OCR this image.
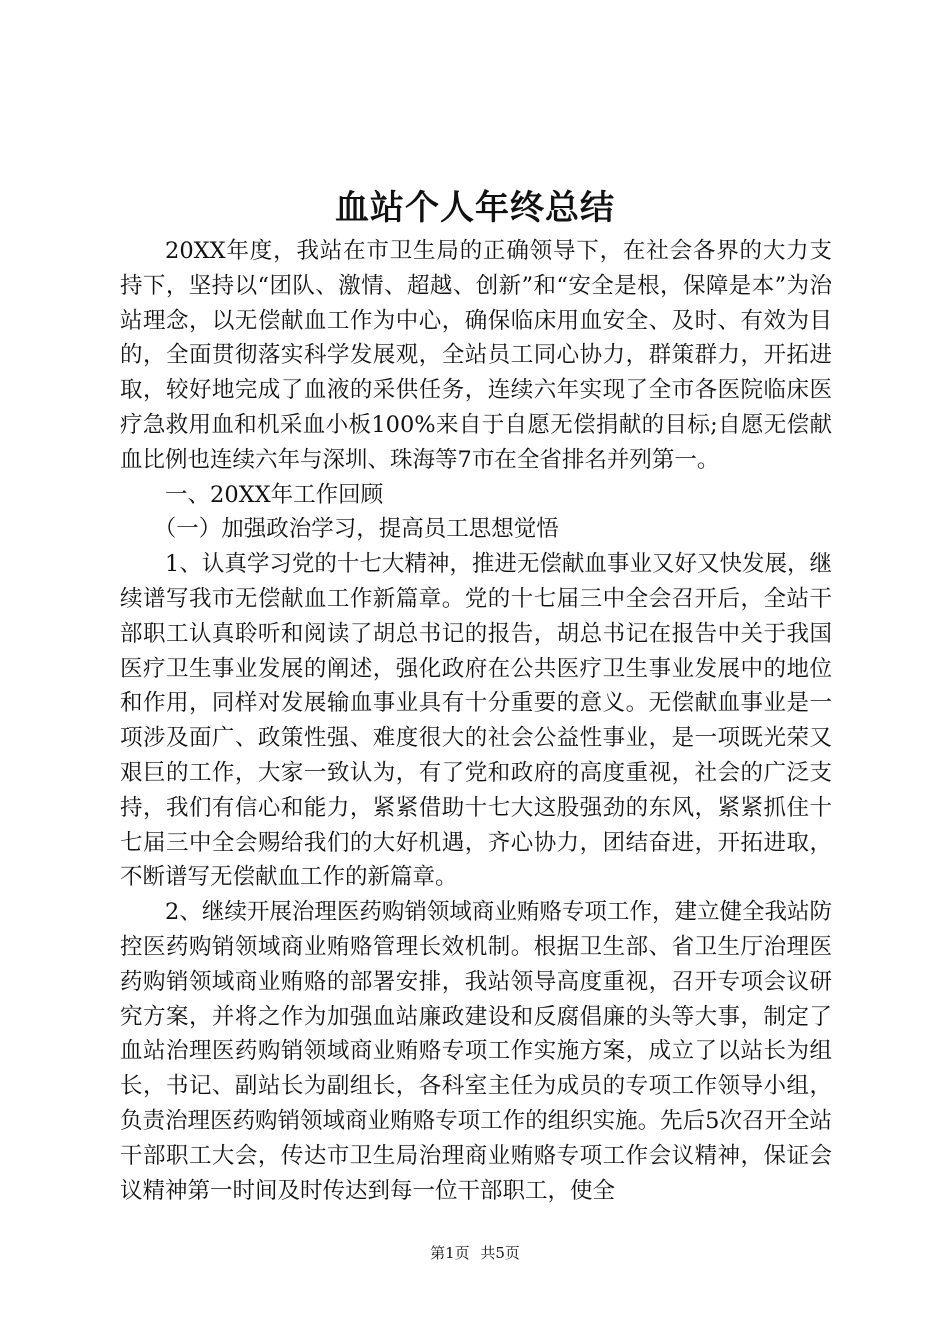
血站个人年终总结

20XX年度，我站在市卫生局的正确领导下，在社会各界的大力支持下，坚持以“团队、激情、超越、创新”和“安全是根，保障是本”为治站理念，以无偿献血工作为中心，确保临床用血安全、及时、有效为目的，全面贯彻落实科学发展观，全站员工同心协力，群策群力，开拓进取，较好地完成了血液的采供任务，连续六年实现了全市各医院临床医疗急救用血和机采血小板100%来自于自愿无偿捐献的目标;自愿无偿献血比例也连续六年与深圳、珠海等7市在全省排名并列第一。

一、20XX年工作回顾

（一）加强政治学习，提高员工思想觉悟

1、认真学习党的十七大精神，推进无偿献血事业又好又快发展，继续谱写我市无偿献血工作新篇章。党的十七届三中全会召开后，全站干部职工认真聆听和阅读了胡总书记的报告，胡总书记在报告中关于我国医疗卫生事业发展的阐述，强化政府在公共医疗卫生事业发展中的地位和作用，同样对发展输血事业具有十分重要的意义。无偿献血事业是一项涉及面广、政策性强、难度很大的社会公益性事业，是一项既光荣又艰巨的工作，大家一致认为，有了党和政府的高度重视，社会的广泛支持，我们有信心和能力，紧紧借助十七大这股强劲的东风，紧紧抓住十七届三中全会赐给我们的大好机遇，齐心协力，团结奋进，开拓进取，不断谱写无偿献血工作的新篇章。

2、继续开展治理医药购销领域商业贿赂专项工作，建立健全我站防控医药购销领域商业贿赂管理长效机制。根据卫生部、省卫生厅治理医药购销领域商业贿赂的部署安排，我站领导高度重视，召开专项会议研究方案，并将之作为加强血站廉政建设和反腐倡廉的头等大事，制定了血站治理医药购销领域商业贿赂专项工作实施方案，成立了以站长为组长，书记、副站长为副组长，各科室主任为成员的专项工作领导小组，负责治理医药购销领域商业贿赂专项工作的组织实施。先后5次召开全站干部职工大会，传达市卫生局治理商业贿赂专项工作会议精神，保证会议精神第一时间及时传达到每一位干部职工，使全

第1页 共5页
